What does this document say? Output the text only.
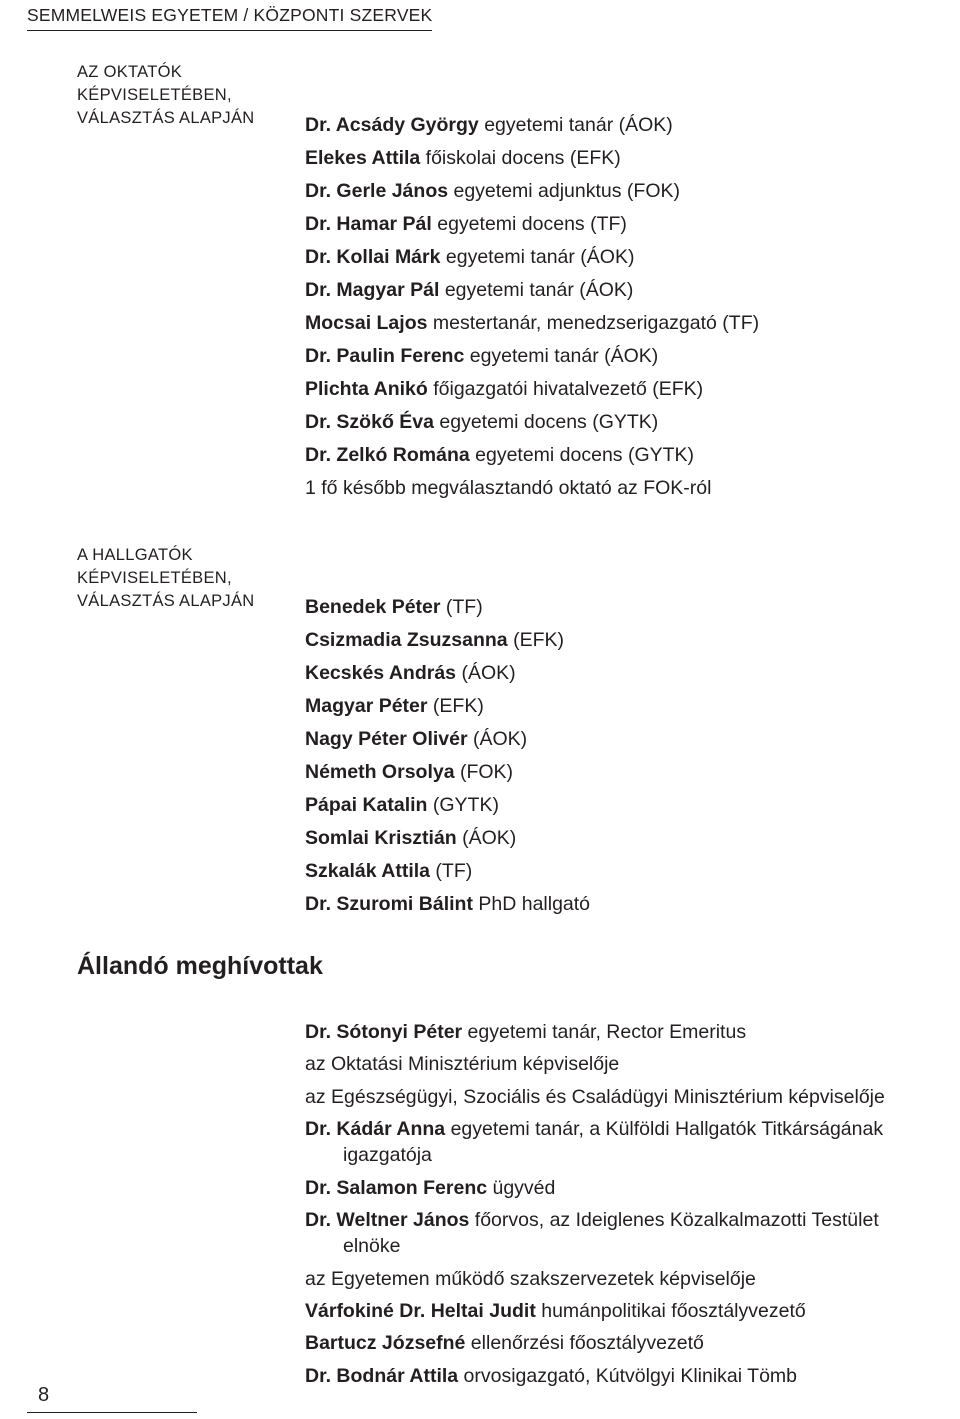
SEMMELWEIS EGYETEM / KÖZPONTI SZERVEK
AZ OKTATÓK
KÉPVISELETÉBEN,
VÁLASZTÁS ALAPJÁN	Dr. Acsády György egyetemi tanár (ÁOK)
Elekes Attila főiskolai docens (EFK)
Dr. Gerle János egyetemi adjunktus (FOK)
Dr. Hamar Pál egyetemi docens (TF)
Dr. Kollai Márk egyetemi tanár (ÁOK)
Dr. Magyar Pál egyetemi tanár (ÁOK)
Mocsai Lajos mestertanár, menedzserigazgató (TF)
Dr. Paulin Ferenc egyetemi tanár (ÁOK)
Plichta Anikó főigazgatói hivatalvezető (EFK)
Dr. Szökő Éva egyetemi docens (GYTK)
Dr. Zelkó Romána egyetemi docens (GYTK)
1 fő később megválasztandó oktató az FOK-ról
A HALLGATÓK
KÉPVISELETÉBEN,
VÁLASZTÁS ALAPJÁN	Benedek Péter (TF)
Csizmadia Zsuzsanna (EFK)
Kecskés András (ÁOK)
Magyar Péter (EFK)
Nagy Péter Olivér (ÁOK)
Németh Orsolya (FOK)
Pápai Katalin (GYTK)
Somlai Krisztián (ÁOK)
Szkalák Attila (TF)
Dr. Szuromi Bálint PhD hallgató
Állandó meghívottak
Dr. Sótonyi Péter egyetemi tanár, Rector Emeritus
az Oktatási Minisztérium képviselője
az Egészségügyi, Szociális és Családügyi Minisztérium képviselője
Dr. Kádár Anna egyetemi tanár, a Külföldi Hallgatók Titkárságának
igazgatója
Dr. Salamon Ferenc ügyvéd
Dr. Weltner János főorvos, az Ideiglenes Közalkalmazotti Testület
elnöke
az Egyetemen működő szakszervezetek képviselője
Várfokiné Dr. Heltai Judit humánpolitikai főosztályvezető
Bartucz Józsefné ellenőrzési főosztályvezető
Dr. Bodnár Attila orvosigazgató, Kútvölgyi Klinikai Tömb
8
